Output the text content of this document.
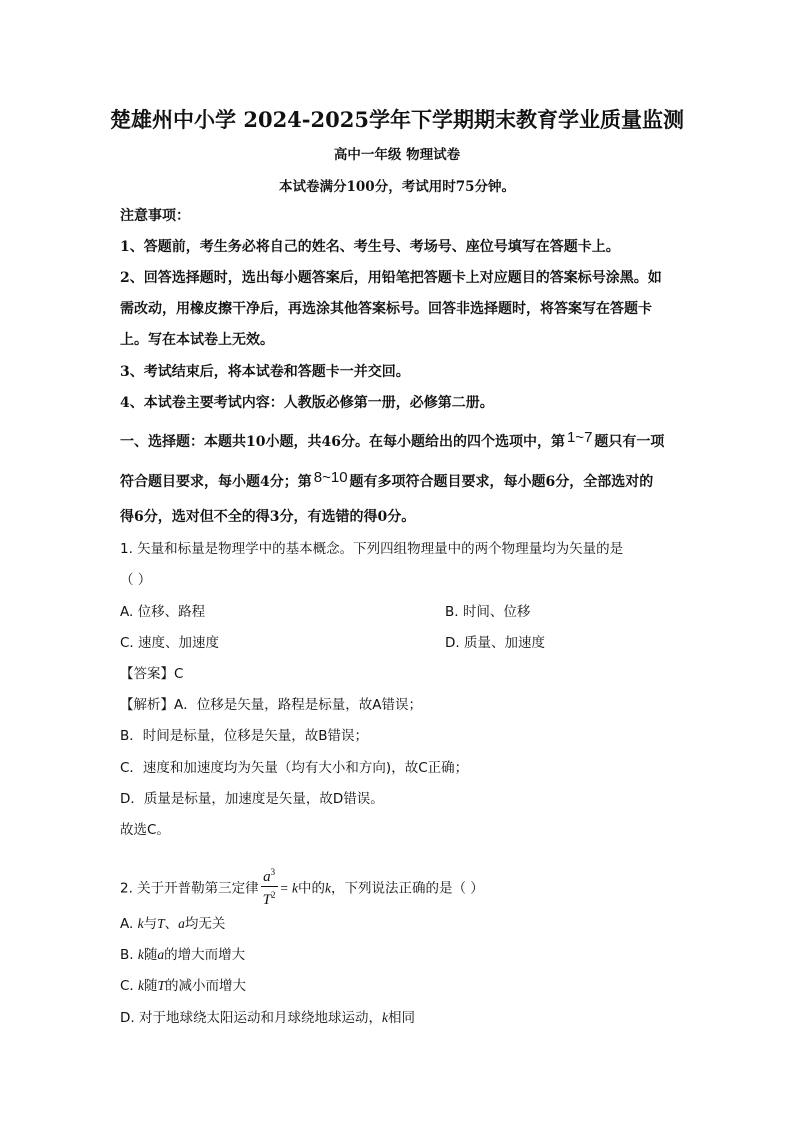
楚雄州中小学 2024-2025学年下学期期末教育学业质量监测
高中一年级 物理试卷
本试卷满分100分，考试用时75分钟。
注意事项：
1、答题前，考生务必将自己的姓名、考生号、考场号、座位号填写在答题卡上。
2、回答选择题时，选出每小题答案后，用铅笔把答题卡上对应题目的答案标号涂黑。如
需改动，用橡皮擦干净后，再选涂其他答案标号。回答非选择题时，将答案写在答题卡
上。写在本试卷上无效。
3、考试结束后，将本试卷和答题卡一并交回。
4、本试卷主要考试内容：人教版必修第一册，必修第二册。
一、选择题：本题共10小题，共46分。在每小题给出的四个选项中，第 1~7 题只有一项
符合题目要求，每小题4分；第 8~10 题有多项符合题目要求，每小题6分，全部选对的
得6分，选对但不全的得3分，有选错的得0分。
1. 矢量和标量是物理学中的基本概念。下列四组物理量中的两个物理量均为矢量的是
（ ）
A. 位移、路程	B. 时间、位移
C. 速度、加速度	D. 质量、加速度
【答案】C
【解析】A．位移是矢量，路程是标量，故A错误；
B．时间是标量，位移是矢量，故B错误；
C．速度和加速度均为矢量（均有大小和方向)，故C正确；
D．质量是标量，加速度是矢量，故D错误。
故选C。
2. 关于开普勒第三定律 $\frac{a^3}{T^2} = k$中的k，下列说法正确的是（ ）
A. k与T、a均无关
B. k随a的增大而增大
C. k随T的减小而增大
D. 对于地球绕太阳运动和月球绕地球运动，k相同
